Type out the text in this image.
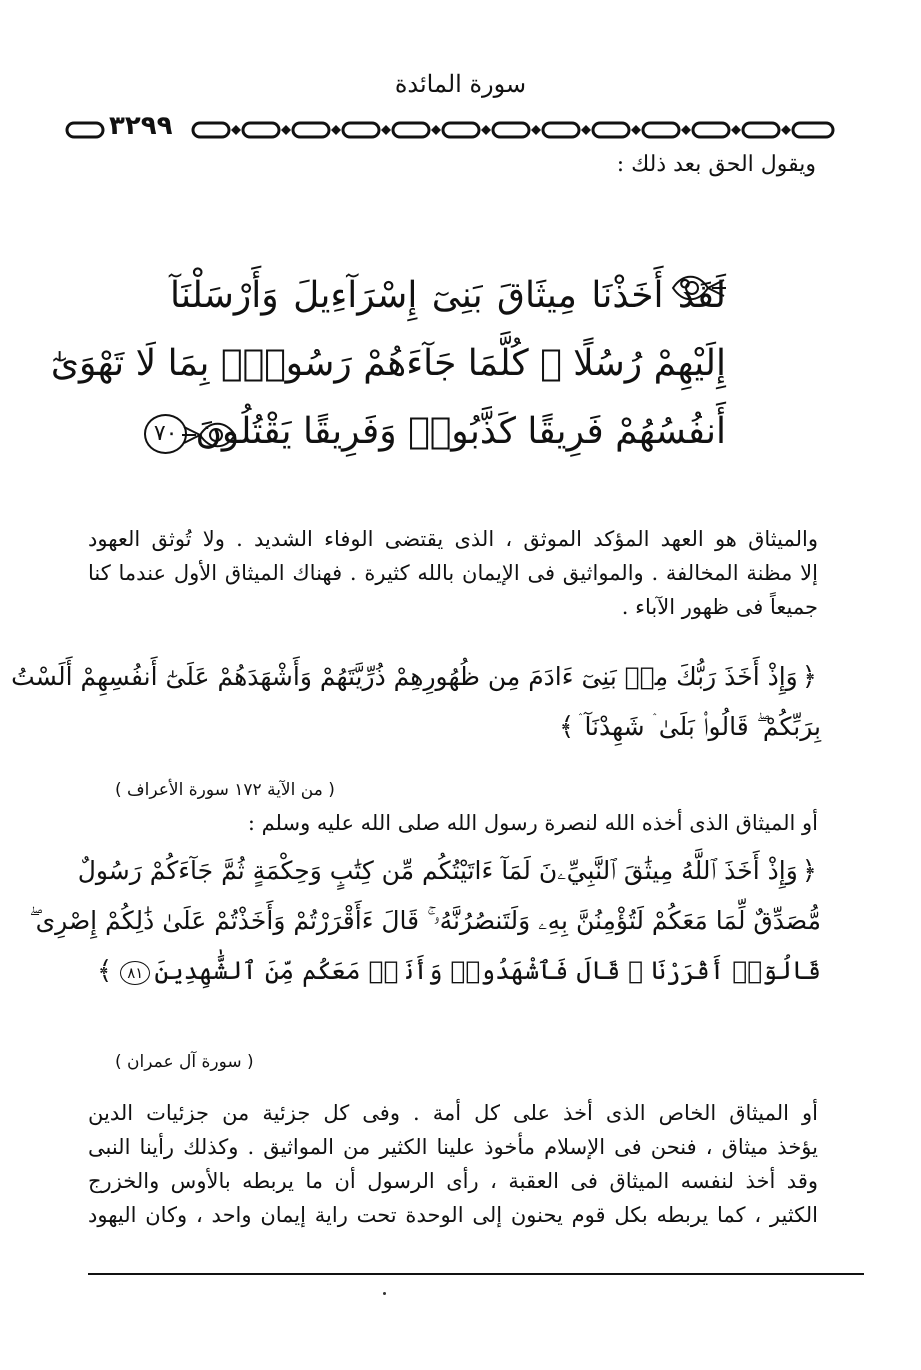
سورة المائدة
٣٢٩٩
ويقول الحق بعد ذلك :
لَقَدْ أَخَذْنَا مِيثَاقَ بَنِىٓ إِسْرَآءِيلَ وَأَرْسَلْنَآ
إِلَيْهِمْ رُسُلًا ۖ كُلَّمَا جَآءَهُمْ رَسُولٌۢ بِمَا لَا تَهْوَىٰٓ
أَنفُسُهُمْ فَرِيقًا كَذَّبُوا۟ وَفَرِيقًا يَقْتُلُونَ٧٠
والميثاق هو العهد المؤكد الموثق ، الذى يقتضى الوفاء الشديد . ولا تُوثق العهود
إلا مظنة المخالفة . والمواثيق فى الإيمان بالله كثيرة . فهناك الميثاق الأول عندما كنا
جميعاً فى ظهور الآباء .
﴿وَإِذْ أَخَذَ رَبُّكَ مِنۢ بَنِىٓ ءَادَمَ مِن ظُهُورِهِمْ ذُرِّيَّتَهُمْ وَأَشْهَدَهُمْ عَلَىٰٓ أَنفُسِهِمْ أَلَسْتُ
بِرَبِّكُمْ ۖ قَالُوا۟ بَلَىٰ ۛ شَهِدْنَآ ۛ﴾
( من الآية ١٧٢ سورة الأعراف )
أو الميثاق الذى أخذه الله لنصرة رسول الله صلى الله عليه وسلم :
﴿وَإِذْ أَخَذَ ٱللَّهُ مِيثَٰقَ ٱلنَّبِيِّۦنَ لَمَآ ءَاتَيْتُكُم مِّن كِتَٰبٍ وَحِكْمَةٍ ثُمَّ جَآءَكُمْ رَسُولٌ
مُّصَدِّقٌ لِّمَا مَعَكُمْ لَتُؤْمِنُنَّ بِهِۦ وَلَتَنصُرُنَّهُۥ ۚ قَالَ ءَأَقْرَرْتُمْ وَأَخَذْتُمْ عَلَىٰ ذَٰلِكُمْ إِصْرِى ۖ
قَالُوٓا۟ أَقْرَرْنَا ۚ قَالَ فَٱشْهَدُوا۟ وَأَنَا۠ مَعَكُم مِّنَ ٱلشَّٰهِدِينَ٨١﴾
( سورة آل عمران )
أو الميثاق الخاص الذى أخذ على كل أمة . وفى كل جزئية من جزئيات الدين
يؤخذ ميثاق ، فنحن فى الإسلام مأخوذ علينا الكثير من المواثيق . وكذلك رأينا النبى
وقد أخذ لنفسه الميثاق فى العقبة ، رأى الرسول أن ما يربطه بالأوس والخزرج
الكثير ، كما يربطه بكل قوم يحنون إلى الوحدة تحت راية إيمان واحد ، وكان اليهود
